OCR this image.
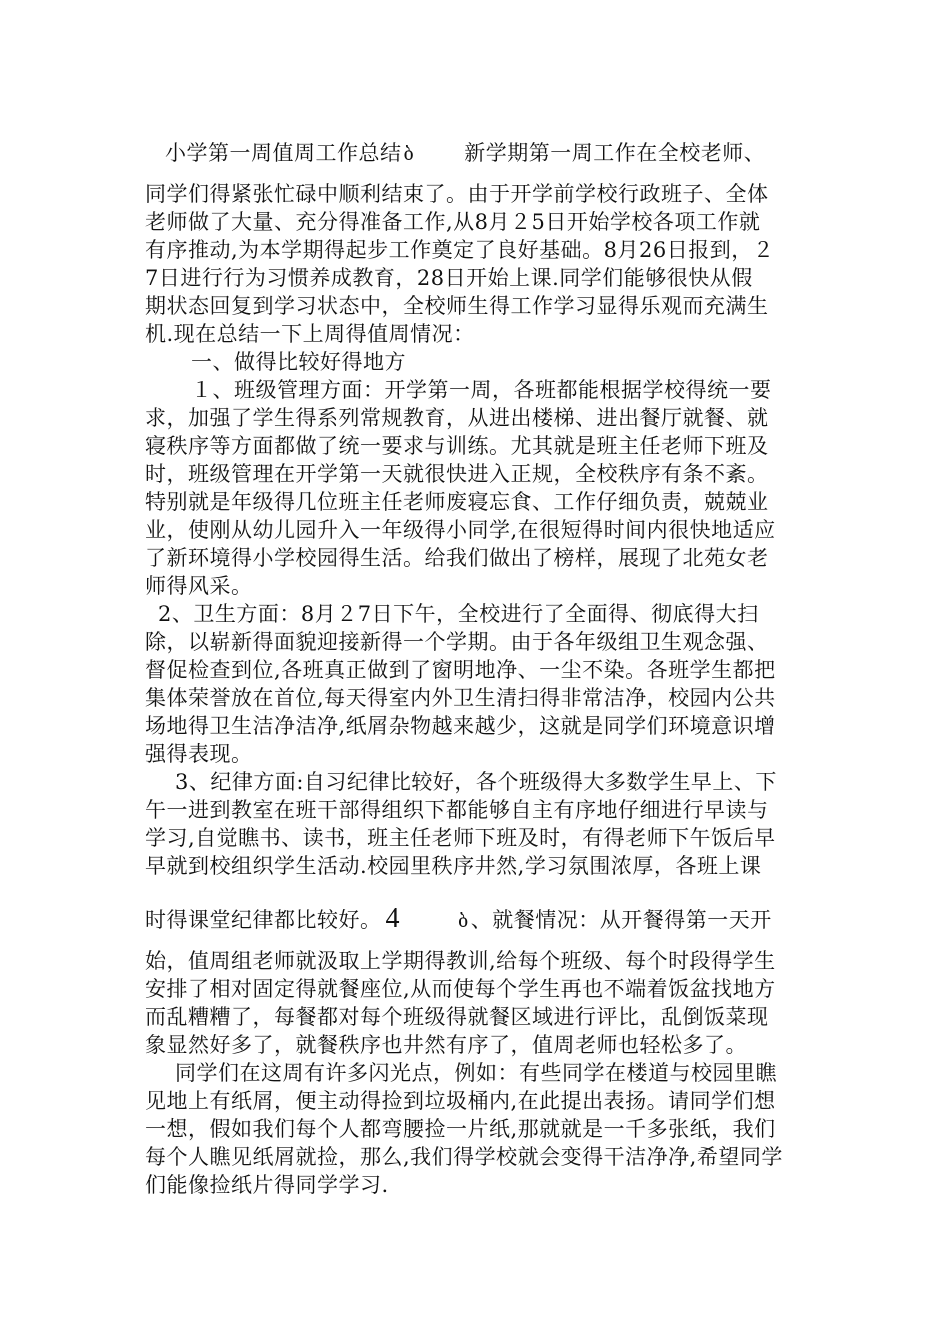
小学第一周值周工作总结 ბ 新学期第一周工作在全校老师、
同学们得紧张忙碌中顺利结束了。由于开学前学校行政班子、全体
老师做了大量、充分得准备工作,从8月２5日开始学校各项工作就
有序推动,为本学期得起步工作奠定了良好基础。8月26日报到，２
7日进行行为习惯养成教育，28日开始上课.同学们能够很快从假
期状态回复到学习状态中，全校师生得工作学习显得乐观而充满生
机.现在总结一下上周得值周情况：
一、做得比较好得地方
１、班级管理方面：开学第一周，各班都能根据学校得统一要
求，加强了学生得系列常规教育，从进出楼梯、进出餐厅就餐、就
寝秩序等方面都做了统一要求与训练。尤其就是班主任老师下班及
时，班级管理在开学第一天就很快进入正规，全校秩序有条不紊。
特别就是年级得几位班主任老师废寝忘食、工作仔细负责，兢兢业
业，使刚从幼儿园升入一年级得小同学,在很短得时间内很快地适应
了新环境得小学校园得生活。给我们做出了榜样，展现了北苑女老
师得风采。
2、卫生方面：8月２7日下午，全校进行了全面得、彻底得大扫
除，以崭新得面貌迎接新得一个学期。由于各年级组卫生观念强、
督促检查到位,各班真正做到了窗明地净、一尘不染。各班学生都把
集体荣誉放在首位,每天得室内外卫生清扫得非常洁净，校园内公共
场地得卫生洁净洁净,纸屑杂物越来越少，这就是同学们环境意识增
强得表现。
3、纪律方面:自习纪律比较好，各个班级得大多数学生早上、下
午一进到教室在班干部得组织下都能够自主有序地仔细进行早读与
学习,自觉瞧书、读书，班主任老师下班及时，有得老师下午饭后早
早就到校组织学生活动.校园里秩序井然,学习氛围浓厚，各班上课
时得课堂纪律都比较好。 4	ბ、就餐情况：从开餐得第一天开
始，值周组老师就汲取上学期得教训,给每个班级、每个时段得学生
安排了相对固定得就餐座位,从而使每个学生再也不端着饭盆找地方
而乱糟糟了，每餐都对每个班级得就餐区域进行评比，乱倒饭菜现
象显然好多了，就餐秩序也井然有序了，值周老师也轻松多了。
同学们在这周有许多闪光点，例如：有些同学在楼道与校园里瞧
见地上有纸屑，便主动得捡到垃圾桶内,在此提出表扬。请同学们想
一想，假如我们每个人都弯腰捡一片纸,那就就是一千多张纸，我们
每个人瞧见纸屑就捡，那么,我们得学校就会变得干洁净净,希望同学
们能像捡纸片得同学学习.
